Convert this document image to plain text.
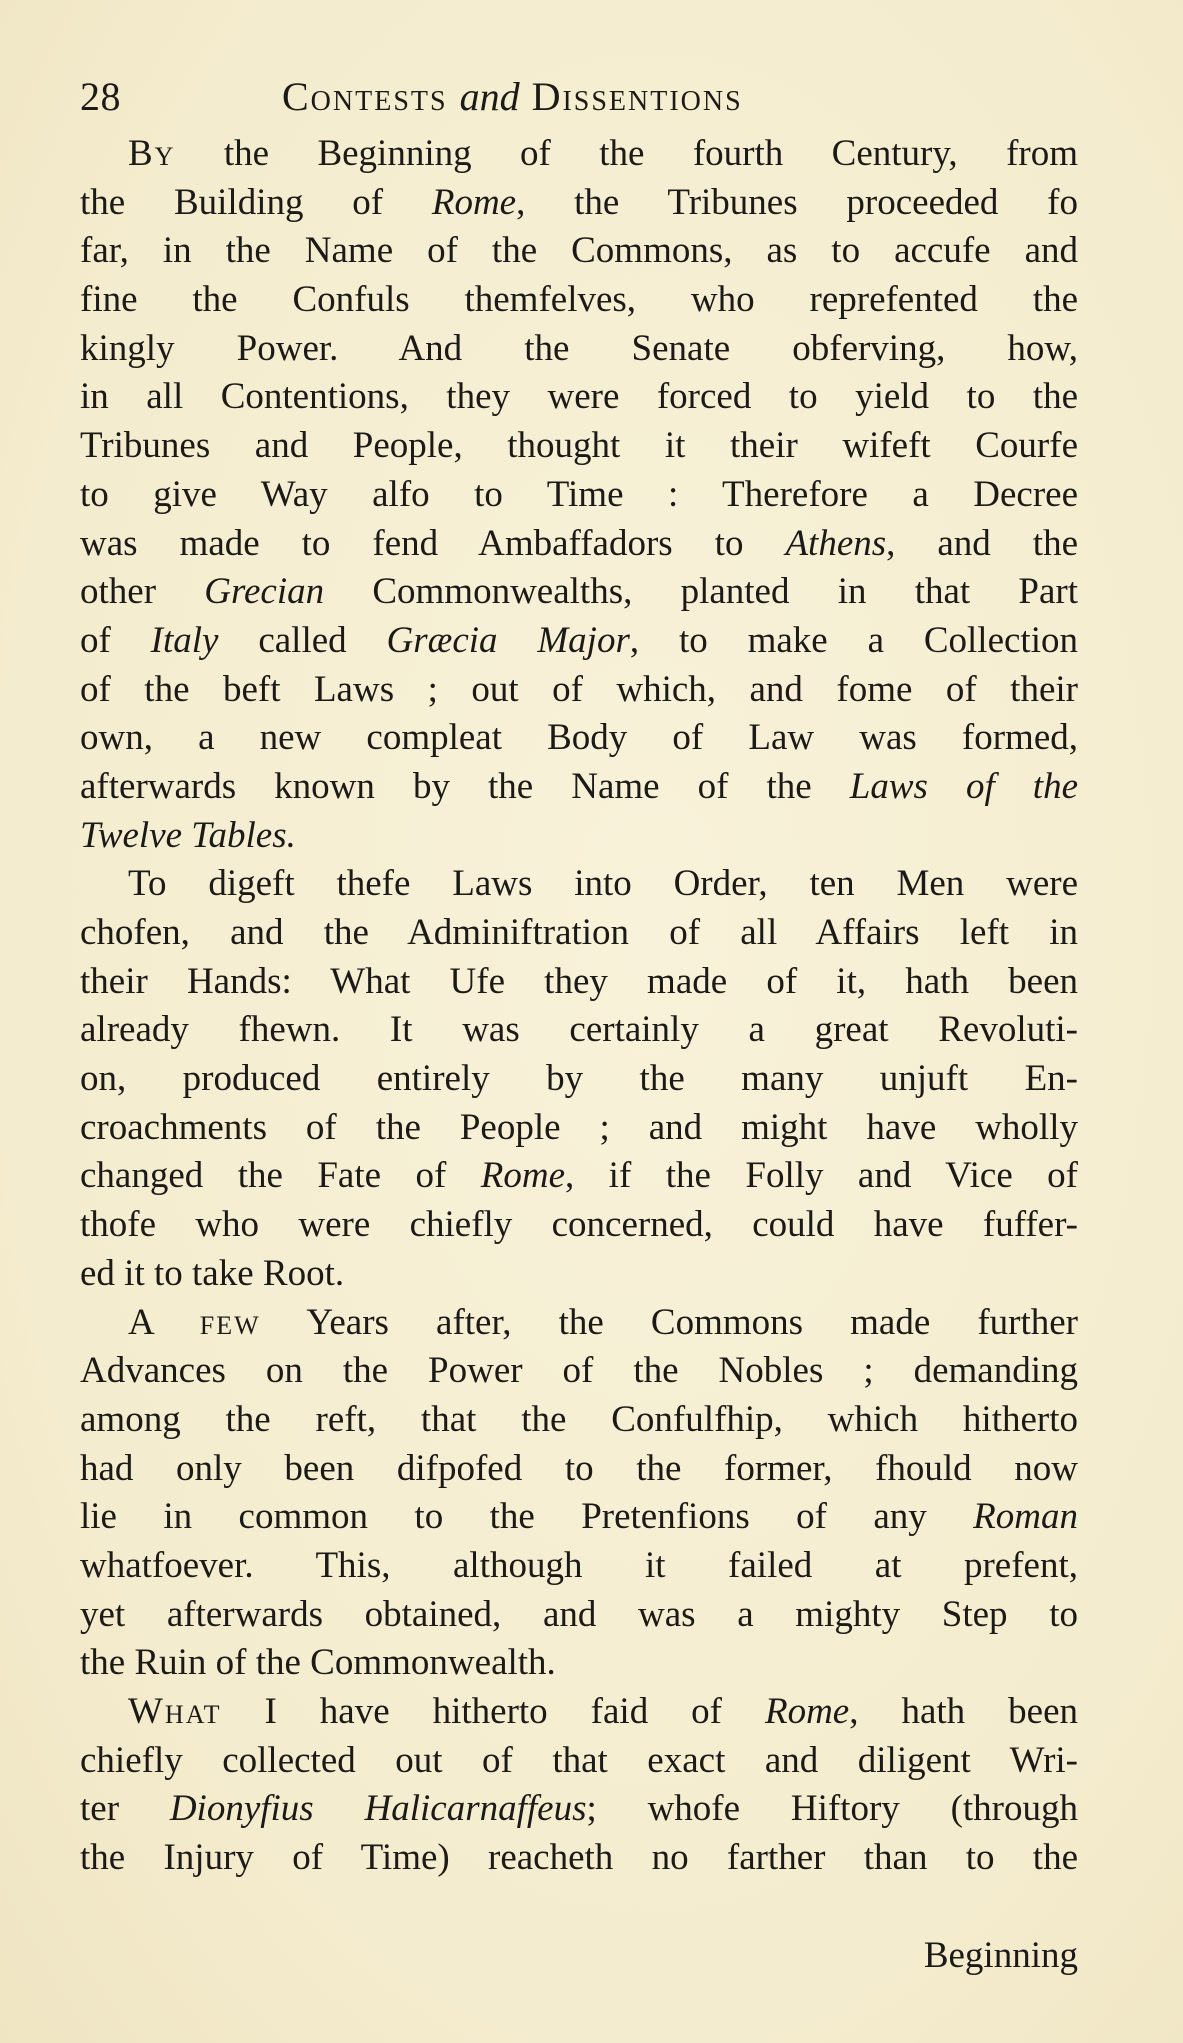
28	Contests and Dissentions
By the Beginning of the fourth Century, from
the Building of Rome, the Tribunes proceeded fo
far, in the Name of the Commons, as to accufe and
fine the Confuls themfelves, who reprefented the
kingly Power. And the Senate obferving, how,
in all Contentions, they were forced to yield to the
Tribunes and People, thought it their wifeft Courfe
to give Way alfo to Time : Therefore a Decree
was made to fend Ambaffadors to Athens, and the
other Grecian Commonwealths, planted in that Part
of Italy called Græcia Major, to make a Collection
of the beft Laws ; out of which, and fome of their
own, a new compleat Body of Law was formed,
afterwards known by the Name of the Laws of the
Twelve Tables.
To digeft thefe Laws into Order, ten Men were
chofen, and the Adminiftration of all Affairs left in
their Hands: What Ufe they made of it, hath been
already fhewn. It was certainly a great Revoluti-
on, produced entirely by the many unjuft En-
croachments of the People ; and might have wholly
changed the Fate of Rome, if the Folly and Vice of
thofe who were chiefly concerned, could have fuffer-
ed it to take Root.
A few Years after, the Commons made further
Advances on the Power of the Nobles ; demanding
among the reft, that the Confulfhip, which hitherto
had only been difpofed to the former, fhould now
lie in common to the Pretenfions of any Roman
whatfoever. This, although it failed at prefent,
yet afterwards obtained, and was a mighty Step to
the Ruin of the Commonwealth.
What I have hitherto faid of Rome, hath been
chiefly collected out of that exact and diligent Wri-
ter Dionyfius Halicarnaffeus; whofe Hiftory (through
the Injury of Time) reacheth no farther than to the
Beginning
